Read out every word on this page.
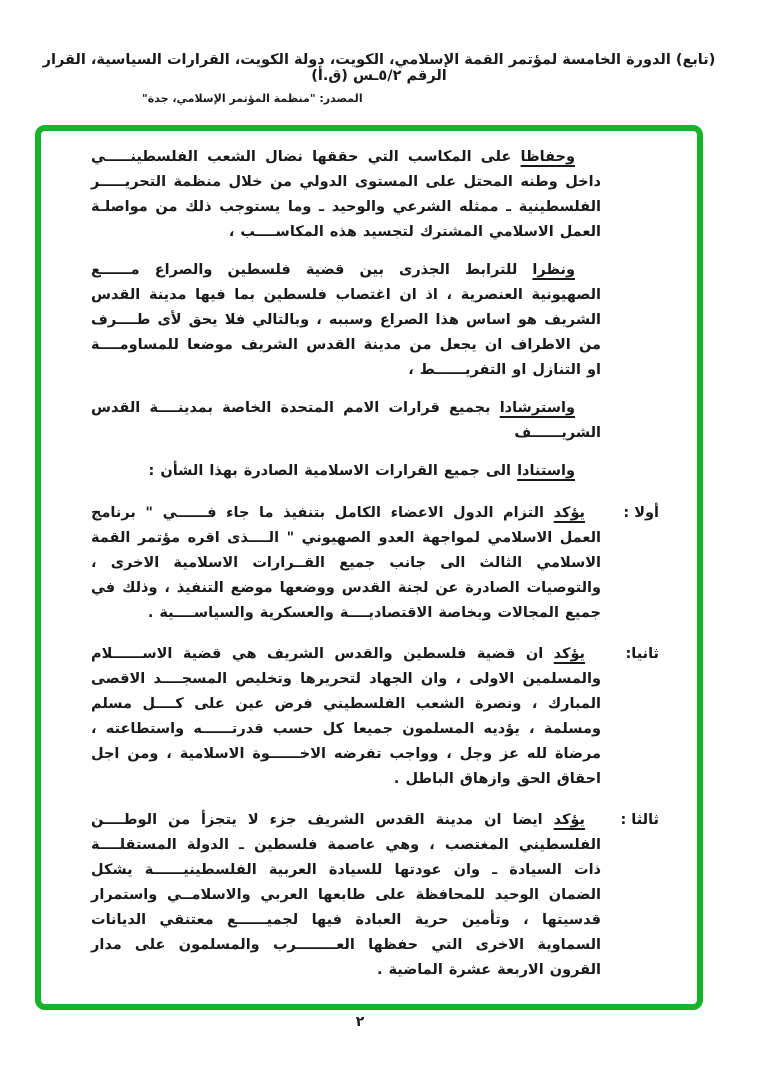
(تابع) الدورة الخامسة لمؤتمر القمة الإسلامي، الكويت، دولة الكويت، القرارات السياسية، القرار الرقم ٥/٢ـس (ق.أ)
المصدر: "منظمة المؤتمر الإسلامي، جدة"

وحفاظا على المكاسب التي حققها نضال الشعب الفلسطينـــــي داخل وطنه المحتل على المستوى الدولي من خلال منظمة التحريـــــر الفلسطينية ـ ممثله الشرعي والوحيد ـ وما يستوجب ذلك من مواصلـة العمل الاسلامي المشترك لتجسيد هذه المكاســــب ،

ونظرا للترابط الجذرى بين قضية فلسطين والصراع مــــــع الصهيونية العنصرية ، اذ ان اغتصاب فلسطين بما فيها مدينة القدس الشريف هو اساس هذا الصراع وسببه ، وبالتالي فلا يحق لأى طــــرف من الاطراف ان يجعل من مدينة القدس الشريف موضعا للمساومــــة او التنازل او التفريــــــط ،

واسترشادا بجميع قرارات الامم المتحدة الخاصة بمدينــــة القدس الشريــــــف

واستنادا الى جميع القرارات الاسلامية الصادرة بهذا الشأن :

أولا :
يؤكد التزام الدول الاعضاء الكامل بتنفيذ ما جاء فــــــي " برنامج العمل الاسلامي لمواجهة العدو الصهيوني " الــــذى اقره مؤتمر القمة الاسلامي الثالث الى جانب جميع القــرارات الاسلامية الاخرى ، والتوصيات الصادرة عن لجنة القدس ووضعها موضع التنفيذ ، وذلك في جميع المجالات وبخاصة الاقتصاديــــة والعسكرية والسياســــية .
ثانيا:
يؤكد ان قضية فلسطين والقدس الشريف هي قضية الاســــــلام والمسلمين الاولى ، وان الجهاد لتحريرها وتخليص المسجــــد الاقصى المبارك ، ونصرة الشعب الفلسطيني فرض عين على كــــل مسلم ومسلمة ، يؤديه المسلمون جميعا كل حسب قدرتــــــه واستطاعته ، مرضاة لله عز وجل ، وواجب تفرضه الاخــــــوة الاسلامية ، ومن اجل احقاق الحق وازهاق الباطل .
ثالثا :
يؤكد ايضا ان مدينة القدس الشريف جزء لا يتجزأ من الوطــــن الفلسطيني المغتصب ، وهي عاصمة فلسطين ـ الدولة المستقلــــة ذات السيادة ـ وان عودتها للسيادة العربية الفلسطينيــــــة يشكل الضمان الوحيد للمحافظة على طابعها العربي والاسلامــي واستمرار قدسيتها ، وتأمين حرية العبادة فيها لجميــــــع معتنقي الديانات السماوية الاخرى التي حفظها العــــــــرب والمسلمون على مدار القرون الاربعة عشرة الماضية .
٢
